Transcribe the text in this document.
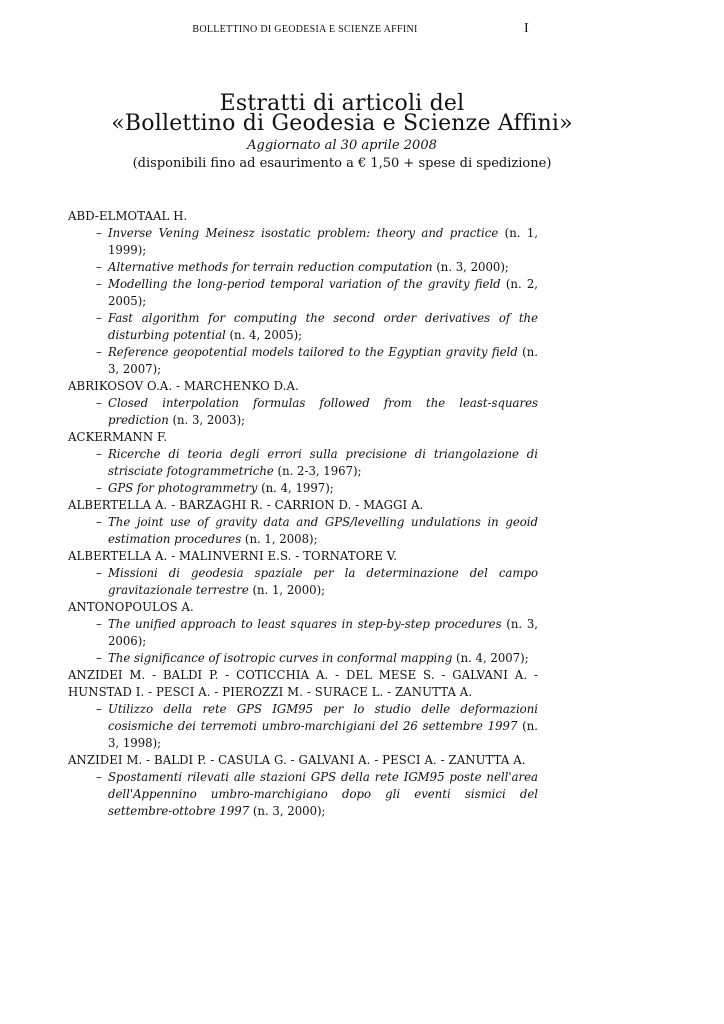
BOLLETTINO DI GEODESIA E SCIENZE AFFINI	I
Estratti di articoli del
«Bollettino di Geodesia e Scienze Affini»
Aggiornato al 30 aprile 2008
(disponibili fino ad esaurimento a € 1,50 + spese di spedizione)
ABD-ELMOTAAL H.
– Inverse Vening Meinesz isostatic problem: theory and practice (n. 1, 1999);
– Alternative methods for terrain reduction computation (n. 3, 2000);
– Modelling the long-period temporal variation of the gravity field (n. 2, 2005);
– Fast algorithm for computing the second order derivatives of the disturbing potential (n. 4, 2005);
– Reference geopotential models tailored to the Egyptian gravity field (n. 3, 2007);
ABRIKOSOV O.A. - MARCHENKO D.A.
– Closed interpolation formulas followed from the least-squares prediction (n. 3, 2003);
ACKERMANN F.
– Ricerche di teoria degli errori sulla precisione di triangolazione di strisciate fotogrammetriche (n. 2-3, 1967);
– GPS for photogrammetry (n. 4, 1997);
ALBERTELLA A. - BARZAGHI R. - CARRION D. - MAGGI A.
– The joint use of gravity data and GPS/levelling undulations in geoid estimation procedures (n. 1, 2008);
ALBERTELLA A. - MALINVERNI E.S. - TORNATORE V.
– Missioni di geodesia spaziale per la determinazione del campo gravitazionale terrestre (n. 1, 2000);
ANTONOPOULOS A.
– The unified approach to least squares in step-by-step procedures (n. 3, 2006);
– The significance of isotropic curves in conformal mapping (n. 4, 2007);
ANZIDEI M. - BALDI P. - COTICCHIA A. - DEL MESE S. - GALVANI A. - HUNSTAD I. - PESCI A. - PIEROZZI M. - SURACE L. - ZANUTTA A.
– Utilizzo della rete GPS IGM95 per lo studio delle deformazioni cosismiche dei terremoti umbro-marchigiani del 26 settembre 1997 (n. 3, 1998);
ANZIDEI M. - BALDI P. - CASULA G. - GALVANI A. - PESCI A. - ZANUTTA A.
– Spostamenti rilevati alle stazioni GPS della rete IGM95 poste nell'area dell'Appennino umbro-marchigiano dopo gli eventi sismici del settembre-ottobre 1997 (n. 3, 2000);
